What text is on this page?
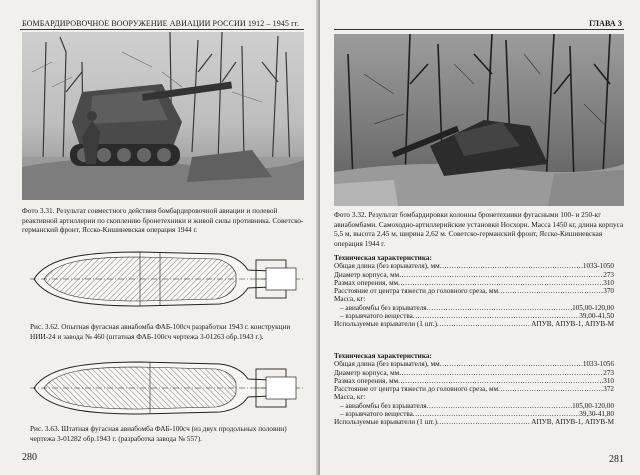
БОМБАРДИРОВОЧНОЕ ВООРУЖЕНИЕ АВИАЦИИ РОССИИ 1912 – 1945 гг.
Фото 3.31. Результат совместного действия бомбардировочной авиации и полевой реактивной артиллерии по скоплению бронетехники и живой силы противника. Советско-германский фронт, Ясско-Кишиневская операция 1944 г.
Рис. 3.62. Опытная фугасная авиабомба ФАБ-100сч разработки 1943 г. конструкции НИИ-24 и завода № 460 (штатная ФАБ-100сч чертежа 3-01263 обр.1943 г.).
Рис. 3.63. Штатная фугасная авиабомба ФАБ-100сч (из двух продольных половин) чертежа 3-01282 обр.1943 г. (разработка завода № 557).
280
ГЛАВА 3
Фото 3.32. Результат бомбардировки колонны бронетехники фугасными 100- и 250-кг авиабомбами. Самоходно-артиллерийские установки Носхорн. Масса 1450 кг, длина корпуса 5,5 м, высота 2,45 м, ширина 2,62 м. Советско-германский фронт, Ясско-Кишиневская операция 1944 г.
Техническая характеристика:
Общая длина (без взрывателя), мм .....	1033-1050
Диаметр корпуса, мм .....	273
Размах оперения, мм .....	310
Расстояние от центра тяжести до головного среза, мм .....	370
Масса, кг:
– авиабомбы без взрывателя .....	105,00-120,00
– взрывчатого вещества .....	39,00-41,50
Используемые взрыватели (1 шт.) .....	АПУВ, АПУВ-1, АПУВ-М
Техническая характеристика:
Общая длина (без взрывателя), мм .....	1033-1056
Диаметр корпуса, мм .....	273
Размах оперения, мм .....	310
Расстояние от центра тяжести до головного среза, мм .....	372
Масса, кг:
– авиабомбы без взрывателя .....	105,00-120,00
– взрывчатого вещества .....	39,30-41,80
Используемые взрыватели (1 шт.) .....	АПУВ, АПУВ-1, АПУВ-М
281
